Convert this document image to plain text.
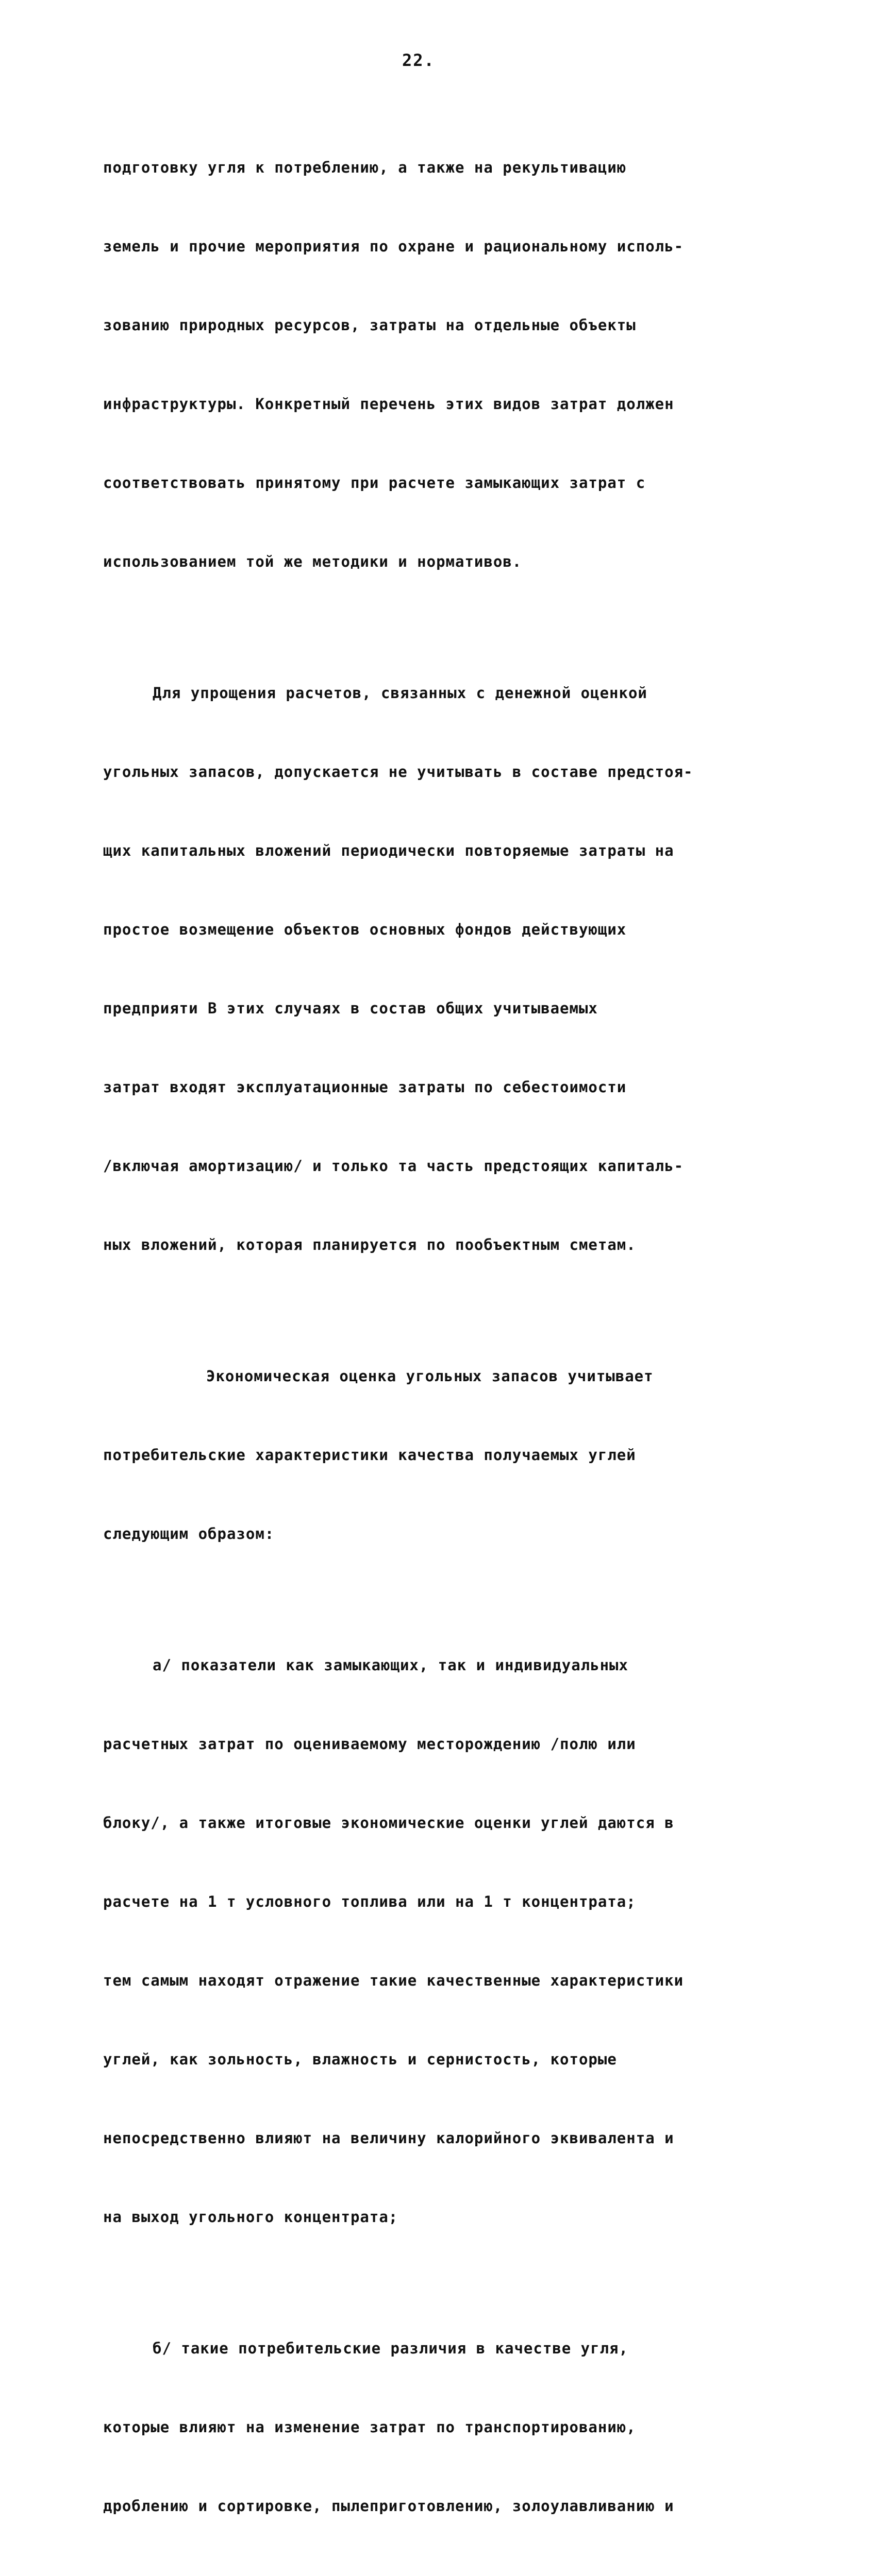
22.

подготовку угля к потреблению, а также на рекультивацию

земель и прочие мероприятия по охране и рациональному исполь-

зованию природных ресурсов, затраты на отдельные объекты

инфраструктуры. Конкретный перечень этих видов затрат должен

соответствовать принятому при расчете замыкающих затрат с

использованием той же методики и нормативов.

Для упрощения расчетов, связанных с денежной оценкой

угольных запасов, допускается не учитывать в составе предстоя-

щих капитальных вложений периодически повторяемые затраты на

простое возмещение объектов основных фондов действующих

предприяти В этих случаях в состав общих учитываемых

затрат входят эксплуатационные затраты по себестоимости

/включая амортизацию/ и только та часть предстоящих капиталь-

ных вложений, которая планируется по пообъектным сметам.

Экономическая оценка угольных запасов учитывает

потребительские характеристики качества получаемых углей

следующим образом:

а/ показатели как замыкающих, так и индивидуальных

расчетных затрат по оцениваемому месторождению /полю или

блоку/, а также итоговые экономические оценки углей даются в

расчете на 1 т условного топлива или на 1 т концентрата;

тем самым находят отражение такие качественные характеристики

углей, как зольность, влажность и сернистость, которые

непосредственно влияют на величину калорийного эквивалента и

на выход угольного концентрата;

б/ такие потребительские различия в качестве угля,

которые влияют на изменение затрат по транспортированию,

дроблению и сортировке, пылеприготовлению, золоулавливанию и
